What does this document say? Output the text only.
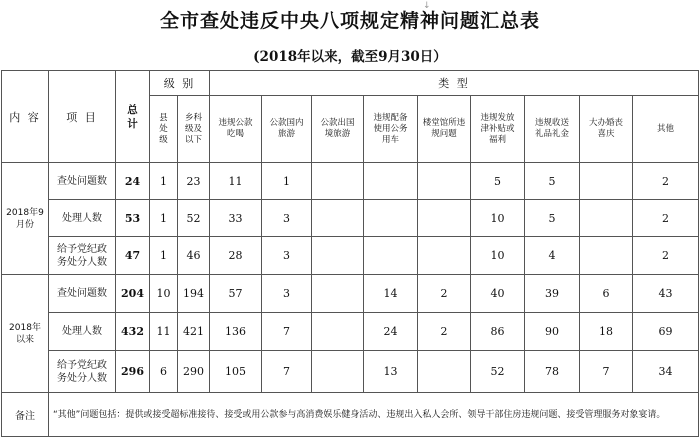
全市查处违反中央八项规定精神问题汇总表
↓
(2018年以来，截至9月30日）
内 容	项 目	总计	级 别		类 型								
			县处级	乡科级及以下	违规公款吃喝	公款国内旅游	公款出国境旅游	违规配备使用公务用车	楼堂馆所违规问题	违规发放津补贴或福利	违规收送礼品礼金	大办婚丧喜庆	其他
2018年9月份	查处问题数	24	1	23	11	1				5	5		2
	处理人数	53	1	52	33	3				10	5		2
	给予党纪政务处分人数	47	1	46	28	3				10	4		2
2018年以来	查处问题数	204	10	194	57	3		14	2	40	39	6	43
	处理人数	432	11	421	136	7		24	2	86	90	18	69
	给予党纪政务处分人数	296	6	290	105	7		13		52	78	7	34
备注	“其他”问题包括：提供或接受超标准接待、接受或用公款参与高消费娱乐健身活动、违规出入私人会所、领导干部住房违规问题、接受管理服务对象宴请。												
